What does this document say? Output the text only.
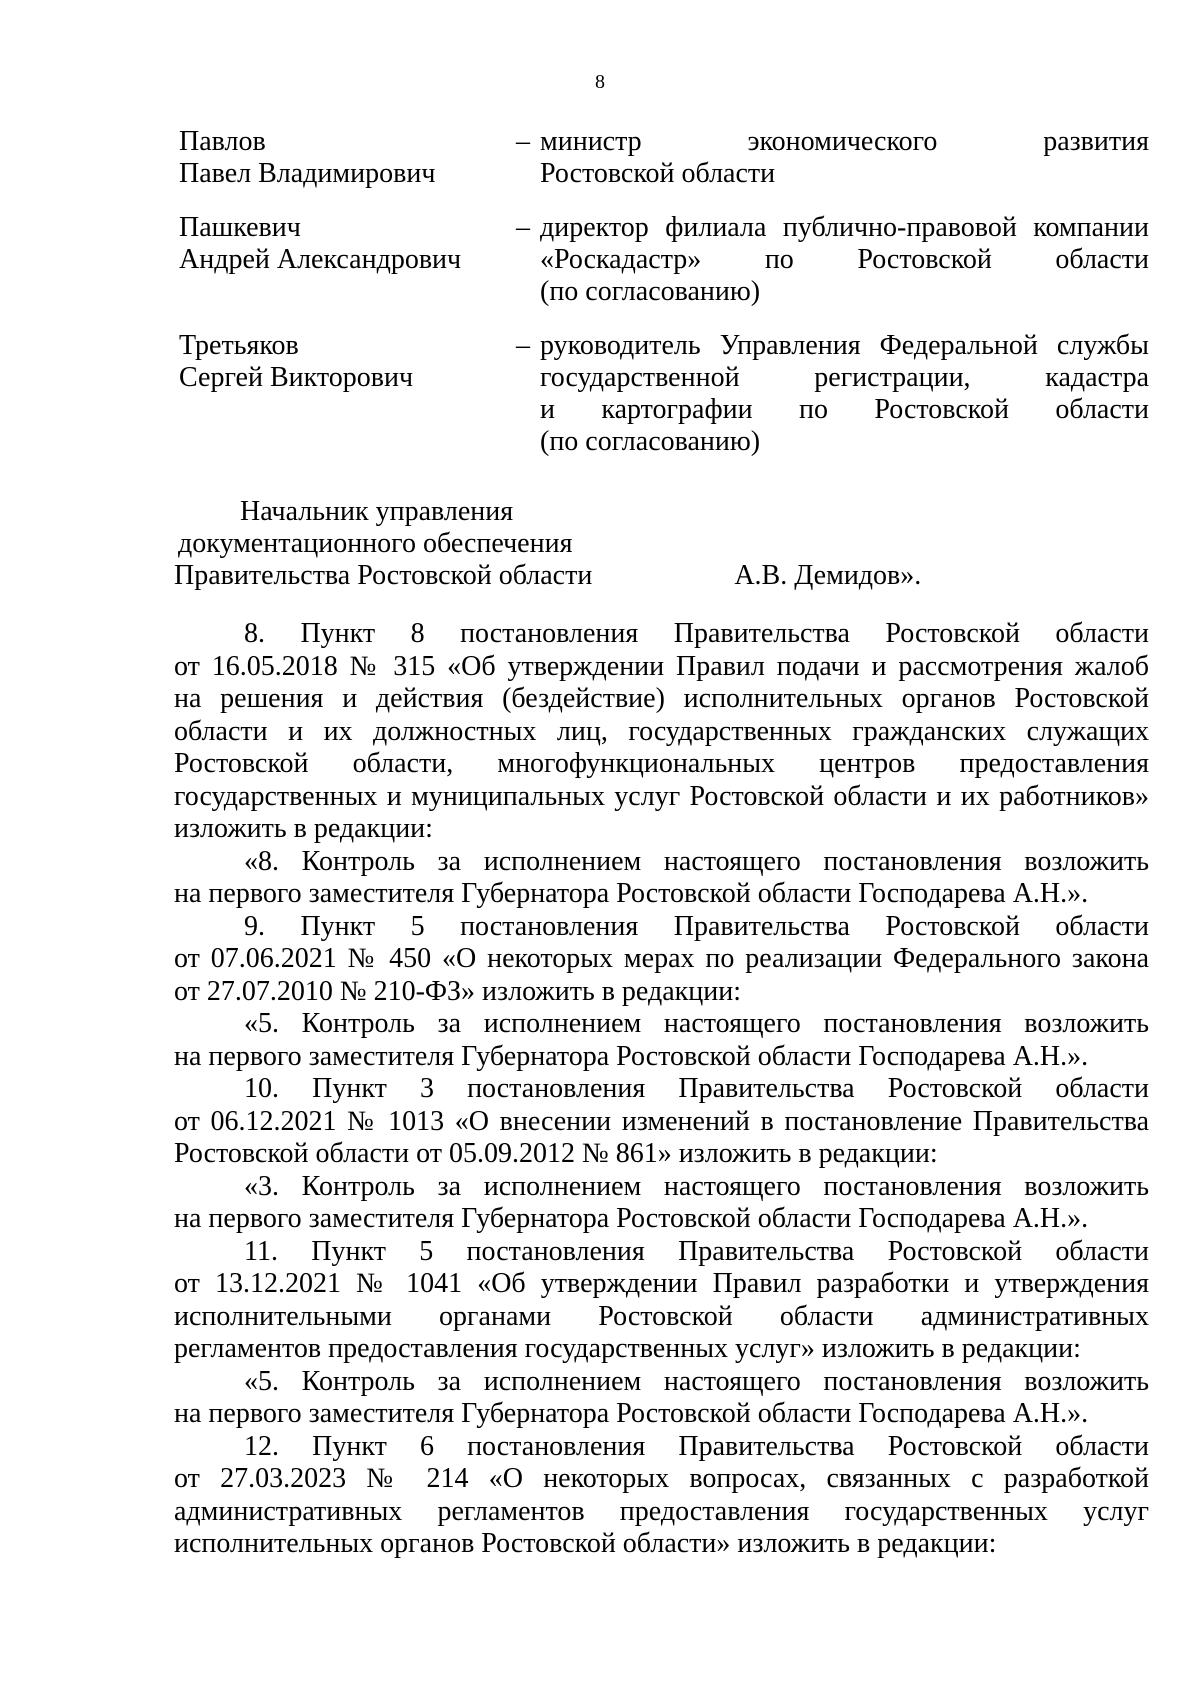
8
Павлов
Павел Владимирович
– министр экономического развития
Ростовской области
Пашкевич
Андрей Александрович
– директор филиала публично-правовой компании
«Роскадастр» по Ростовской области
(по согласованию)
Третьяков
Сергей Викторович
– руководитель Управления Федеральной службы
государственной регистрации, кадастра
и картографии по Ростовской области
(по согласованию)
Начальник управления
документационного обеспечения
Правительства Ростовской области	А.В. Демидов».
8. Пункт 8 постановления Правительства Ростовской области
от 16.05.2018 № 315 «Об утверждении Правил подачи и рассмотрения жалоб
на решения и действия (бездействие) исполнительных органов Ростовской
области и их должностных лиц, государственных гражданских служащих
Ростовской области, многофункциональных центров предоставления
государственных и муниципальных услуг Ростовской области и их работников»
изложить в редакции:
«8. Контроль за исполнением настоящего постановления возложить
на первого заместителя Губернатора Ростовской области Господарева А.Н.».
9. Пункт 5 постановления Правительства Ростовской области
от 07.06.2021 № 450 «О некоторых мерах по реализации Федерального закона
от 27.07.2010 № 210-ФЗ» изложить в редакции:
«5. Контроль за исполнением настоящего постановления возложить
на первого заместителя Губернатора Ростовской области Господарева А.Н.».
10. Пункт 3 постановления Правительства Ростовской области
от 06.12.2021 № 1013 «О внесении изменений в постановление Правительства
Ростовской области от 05.09.2012 № 861» изложить в редакции:
«3. Контроль за исполнением настоящего постановления возложить
на первого заместителя Губернатора Ростовской области Господарева А.Н.».
11. Пункт 5 постановления Правительства Ростовской области
от 13.12.2021 № 1041 «Об утверждении Правил разработки и утверждения
исполнительными органами Ростовской области административных
регламентов предоставления государственных услуг» изложить в редакции:
«5. Контроль за исполнением настоящего постановления возложить
на первого заместителя Губернатора Ростовской области Господарева А.Н.».
12. Пункт 6 постановления Правительства Ростовской области
от 27.03.2023 № 214 «О некоторых вопросах, связанных с разработкой
административных регламентов предоставления государственных услуг
исполнительных органов Ростовской области» изложить в редакции:
